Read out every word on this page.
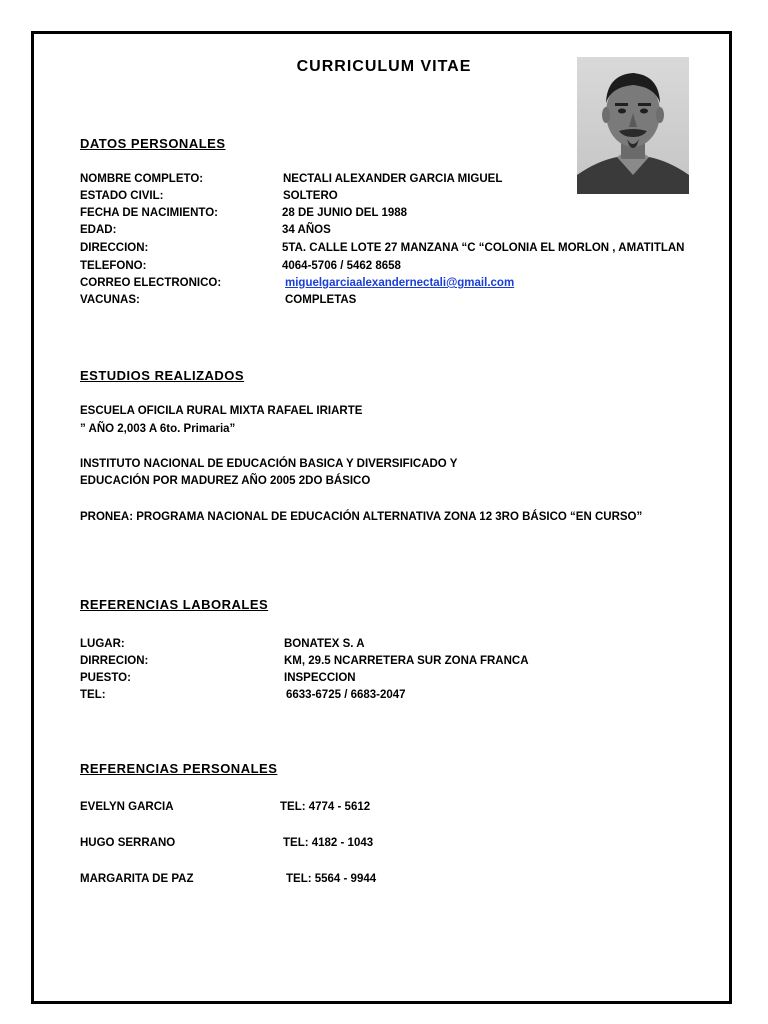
CURRICULUM VITAE
DATOS PERSONALES
NOMBRE COMPLETO:	NECTALI ALEXANDER GARCIA MIGUEL
ESTADO CIVIL:	SOLTERO
FECHA DE NACIMIENTO:	28 DE JUNIO DEL 1988
EDAD:	34 AÑOS
DIRECCION:	5TA. CALLE LOTE 27 MANZANA “C “COLONIA EL MORLON , AMATITLAN
TELEFONO:	4064-5706 / 5462 8658
CORREO ELECTRONICO:	miguelgarciaalexandernectali@gmail.com
VACUNAS:	COMPLETAS
ESTUDIOS REALIZADOS
ESCUELA OFICILA RURAL MIXTA RAFAEL IRIARTE
” AÑO 2,003 A 6to. Primaria”
INSTITUTO NACIONAL DE EDUCACIÓN BASICA Y DIVERSIFICADO Y
EDUCACIÓN POR MADUREZ AÑO 2005 2DO BÁSICO
PRONEA: PROGRAMA NACIONAL DE EDUCACIÓN ALTERNATIVA ZONA 12 3RO BÁSICO “EN CURSO”
REFERENCIAS LABORALES
LUGAR:	BONATEX S. A
DIRRECION:	KM, 29.5 NCARRETERA SUR ZONA FRANCA
PUESTO:	INSPECCION
TEL:	6633-6725 / 6683-2047
REFERENCIAS PERSONALES
EVELYN GARCIA	TEL: 4774 - 5612
HUGO SERRANO	TEL: 4182 - 1043
MARGARITA DE PAZ	TEL: 5564 - 9944
